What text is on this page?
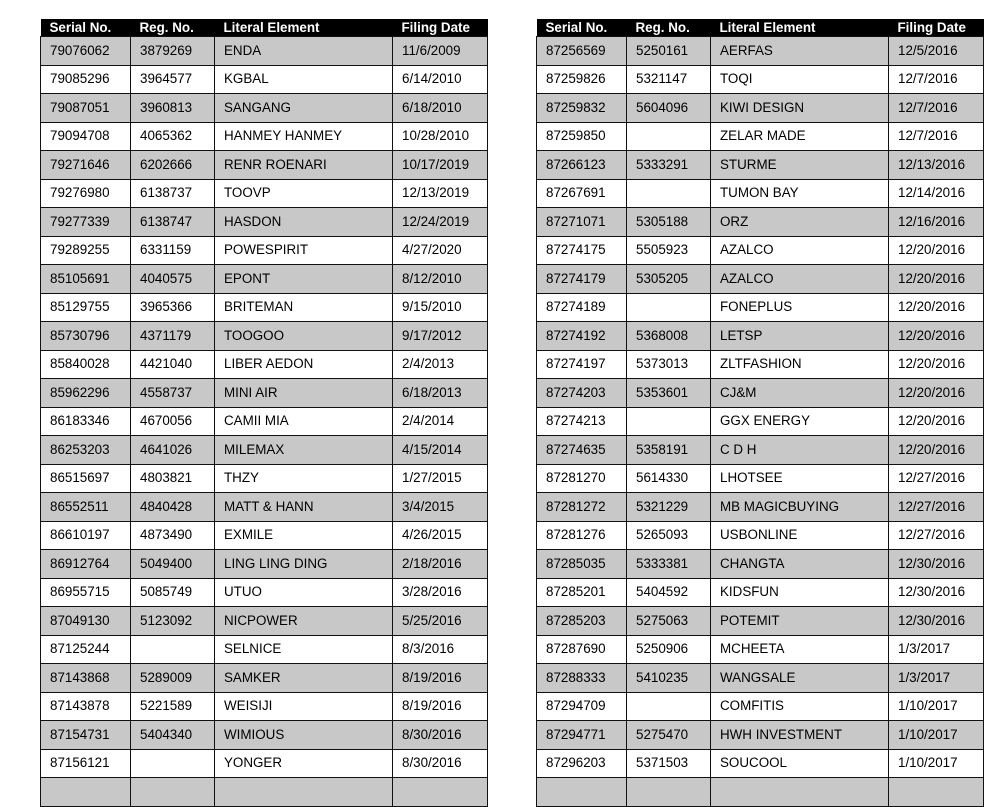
Serial No.	Reg. No.	Literal Element	Filing Date
79076062	3879269	ENDA	11/6/2009
79085296	3964577	KGBAL	6/14/2010
79087051	3960813	SANGANG	6/18/2010
79094708	4065362	HANMEY HANMEY	10/28/2010
79271646	6202666	RENR ROENARI	10/17/2019
79276980	6138737	TOOVP	12/13/2019
79277339	6138747	HASDON	12/24/2019
79289255	6331159	POWESPIRIT	4/27/2020
85105691	4040575	EPONT	8/12/2010
85129755	3965366	BRITEMAN	9/15/2010
85730796	4371179	TOOGOO	9/17/2012
85840028	4421040	LIBER AEDON	2/4/2013
85962296	4558737	MINI AIR	6/18/2013
86183346	4670056	CAMII MIA	2/4/2014
86253203	4641026	MILEMAX	4/15/2014
86515697	4803821	THZY	1/27/2015
86552511	4840428	MATT & HANN	3/4/2015
86610197	4873490	EXMILE	4/26/2015
86912764	5049400	LING LING DING	2/18/2016
86955715	5085749	UTUO	3/28/2016
87049130	5123092	NICPOWER	5/25/2016
87125244		SELNICE	8/3/2016
87143868	5289009	SAMKER	8/19/2016
87143878	5221589	WEISIJI	8/19/2016
87154731	5404340	WIMIOUS	8/30/2016
87156121		YONGER	8/30/2016

Serial No.	Reg. No.	Literal Element	Filing Date
87256569	5250161	AERFAS	12/5/2016
87259826	5321147	TOQI	12/7/2016
87259832	5604096	KIWI DESIGN	12/7/2016
87259850		ZELAR MADE	12/7/2016
87266123	5333291	STURME	12/13/2016
87267691		TUMON BAY	12/14/2016
87271071	5305188	ORZ	12/16/2016
87274175	5505923	AZALCO	12/20/2016
87274179	5305205	AZALCO	12/20/2016
87274189		FONEPLUS	12/20/2016
87274192	5368008	LETSP	12/20/2016
87274197	5373013	ZLTFASHION	12/20/2016
87274203	5353601	CJ&M	12/20/2016
87274213		GGX ENERGY	12/20/2016
87274635	5358191	C D H	12/20/2016
87281270	5614330	LHOTSEE	12/27/2016
87281272	5321229	MB MAGICBUYING	12/27/2016
87281276	5265093	USBONLINE	12/27/2016
87285035	5333381	CHANGTA	12/30/2016
87285201	5404592	KIDSFUN	12/30/2016
87285203	5275063	POTEMIT	12/30/2016
87287690	5250906	MCHEETA	1/3/2017
87288333	5410235	WANGSALE	1/3/2017
87294709		COMFITIS	1/10/2017
87294771	5275470	HWH INVESTMENT	1/10/2017
87296203	5371503	SOUCOOL	1/10/2017
